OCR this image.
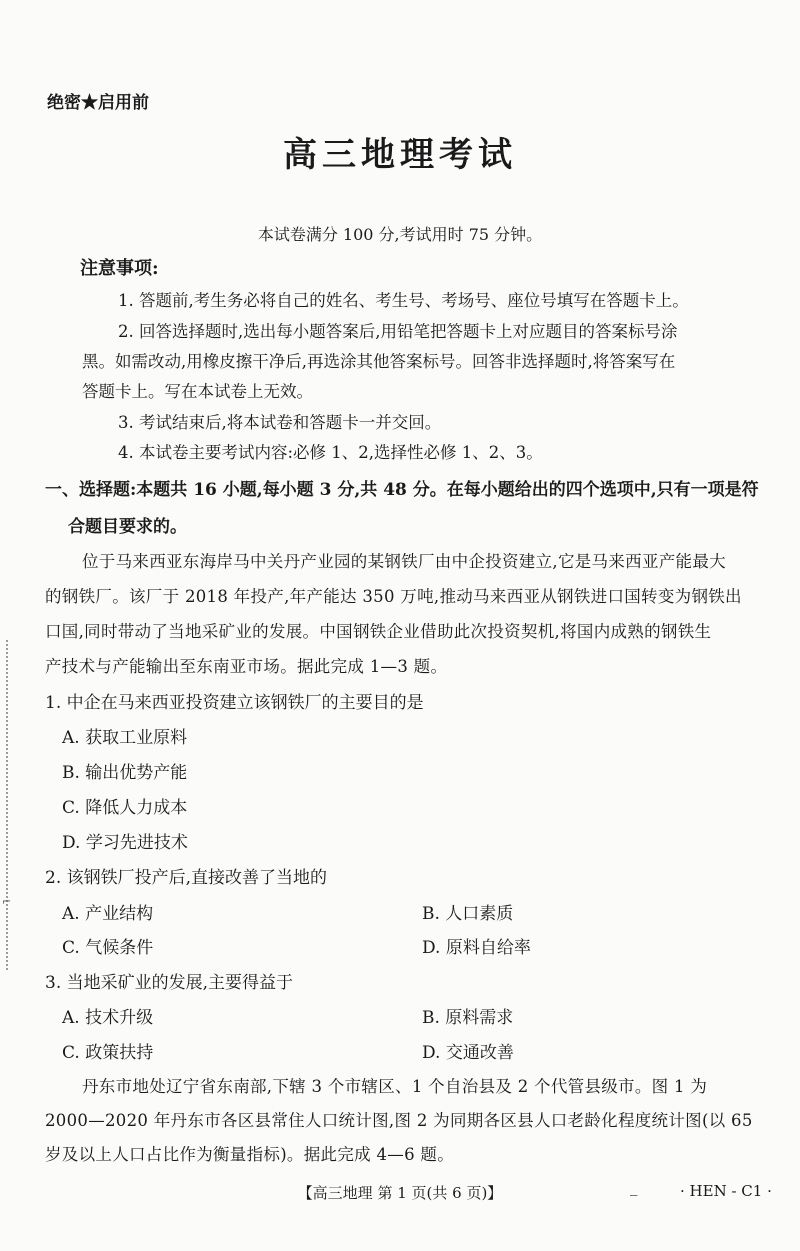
⌐
绝密★启用前
高三地理考试
本试卷满分 100 分,考试用时 75 分钟。
注意事项:
1. 答题前,考生务必将自己的姓名、考生号、考场号、座位号填写在答题卡上。
2. 回答选择题时,选出每小题答案后,用铅笔把答题卡上对应题目的答案标号涂
黑。如需改动,用橡皮擦干净后,再选涂其他答案标号。回答非选择题时,将答案写在
答题卡上。写在本试卷上无效。
3. 考试结束后,将本试卷和答题卡一并交回。
4. 本试卷主要考试内容:必修 1、2,选择性必修 1、2、3。
一、选择题:本题共 16 小题,每小题 3 分,共 48 分。在每小题给出的四个选项中,只有一项是符
合题目要求的。
位于马来西亚东海岸马中关丹产业园的某钢铁厂由中企投资建立,它是马来西亚产能最大
的钢铁厂。该厂于 2018 年投产,年产能达 350 万吨,推动马来西亚从钢铁进口国转变为钢铁出
口国,同时带动了当地采矿业的发展。中国钢铁企业借助此次投资契机,将国内成熟的钢铁生
产技术与产能输出至东南亚市场。据此完成 1—3 题。
1. 中企在马来西亚投资建立该钢铁厂的主要目的是
A. 获取工业原料
B. 输出优势产能
C. 降低人力成本
D. 学习先进技术
2. 该钢铁厂投产后,直接改善了当地的
A. 产业结构	B. 人口素质
C. 气候条件	D. 原料自给率
3. 当地采矿业的发展,主要得益于
A. 技术升级	B. 原料需求
C. 政策扶持	D. 交通改善
丹东市地处辽宁省东南部,下辖 3 个市辖区、1 个自治县及 2 个代管县级市。图 1 为
2000—2020 年丹东市各区县常住人口统计图,图 2 为同期各区县人口老龄化程度统计图(以 65
岁及以上人口占比作为衡量指标)。据此完成 4—6 题。
【高三地理 第 1 页(共 6 页)】	_	· HEN - C1 ·
